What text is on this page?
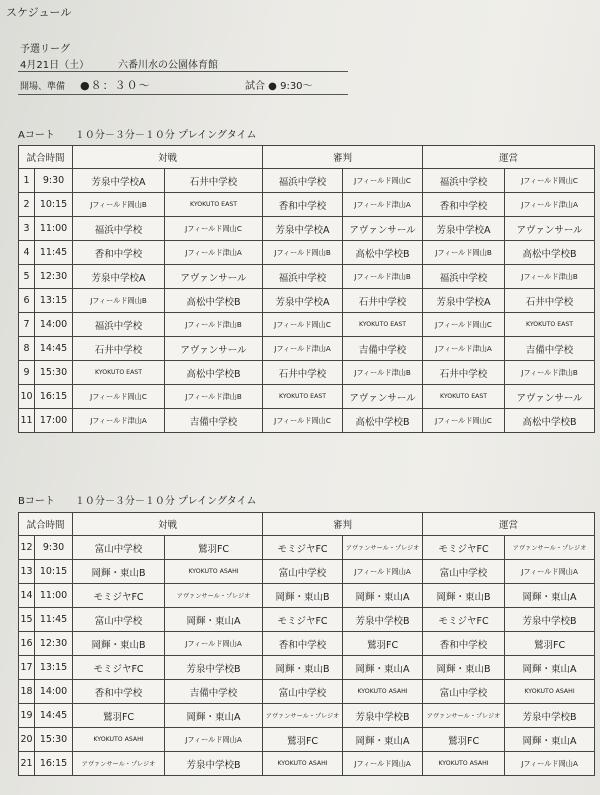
スケジュール
予選リーグ
4月21日（土）	六番川水の公園体育館
開場、準備 ●８：３０～	試合 ● 9:30～
Aコート　　１０分－３分－１０分 プレイングタイム
試合時間		対戦		審判		運営	
1	9:30	芳泉中学校A	石井中学校	福浜中学校	Jフィールド岡山C	福浜中学校	Jフィールド岡山C
2	10:15	Jフィールド岡山B	KYOKUTO EAST	香和中学校	Jフィールド津山A	香和中学校	Jフィールド津山A
3	11:00	福浜中学校	Jフィールド岡山C	芳泉中学校A	アヴァンサール	芳泉中学校A	アヴァンサール
4	11:45	香和中学校	Jフィールド津山A	Jフィールド岡山B	高松中学校B	Jフィールド岡山B	高松中学校B
5	12:30	芳泉中学校A	アヴァンサール	福浜中学校	Jフィールド津山B	福浜中学校	Jフィールド津山B
6	13:15	Jフィールド岡山B	高松中学校B	芳泉中学校A	石井中学校	芳泉中学校A	石井中学校
7	14:00	福浜中学校	Jフィールド津山B	Jフィールド岡山C	KYOKUTO EAST	Jフィールド岡山C	KYOKUTO EAST
8	14:45	石井中学校	アヴァンサール	Jフィールド津山A	吉備中学校	Jフィールド津山A	吉備中学校
9	15:30	KYOKUTO EAST	高松中学校B	石井中学校	Jフィールド津山B	石井中学校	Jフィールド津山B
10	16:15	Jフィールド岡山C	Jフィールド津山B	KYOKUTO EAST	アヴァンサール	KYOKUTO EAST	アヴァンサール
11	17:00	Jフィールド津山A	吉備中学校	Jフィールド岡山C	高松中学校B	Jフィールド岡山C	高松中学校B
Bコート　　１０分－３分－１０分 プレイングタイム
試合時間		対戦		審判		運営	
12	9:30	富山中学校	鷲羽FC	モミジヤFC	アヴァンサール・プレジオ	モミジヤFC	アヴァンサール・プレジオ
13	10:15	岡輝・東山B	KYOKUTO ASAHI	富山中学校	Jフィールド岡山A	富山中学校	Jフィールド岡山A
14	11:00	モミジヤFC	アヴァンサール・プレジオ	岡輝・東山B	岡輝・東山A	岡輝・東山B	岡輝・東山A
15	11:45	富山中学校	岡輝・東山A	モミジヤFC	芳泉中学校B	モミジヤFC	芳泉中学校B
16	12:30	岡輝・東山B	Jフィールド岡山A	香和中学校	鷲羽FC	香和中学校	鷲羽FC
17	13:15	モミジヤFC	芳泉中学校B	岡輝・東山B	岡輝・東山A	岡輝・東山B	岡輝・東山A
18	14:00	香和中学校	吉備中学校	富山中学校	KYOKUTO ASAHI	富山中学校	KYOKUTO ASAHI
19	14:45	鷲羽FC	岡輝・東山A	アヴァンサール・プレジオ	芳泉中学校B	アヴァンサール・プレジオ	芳泉中学校B
20	15:30	KYOKUTO ASAHI	Jフィールド岡山A	鷲羽FC	岡輝・東山A	鷲羽FC	岡輝・東山A
21	16:15	アヴァンサール・プレジオ	芳泉中学校B	KYOKUTO ASAHI	Jフィールド岡山A	KYOKUTO ASAHI	Jフィールド岡山A
